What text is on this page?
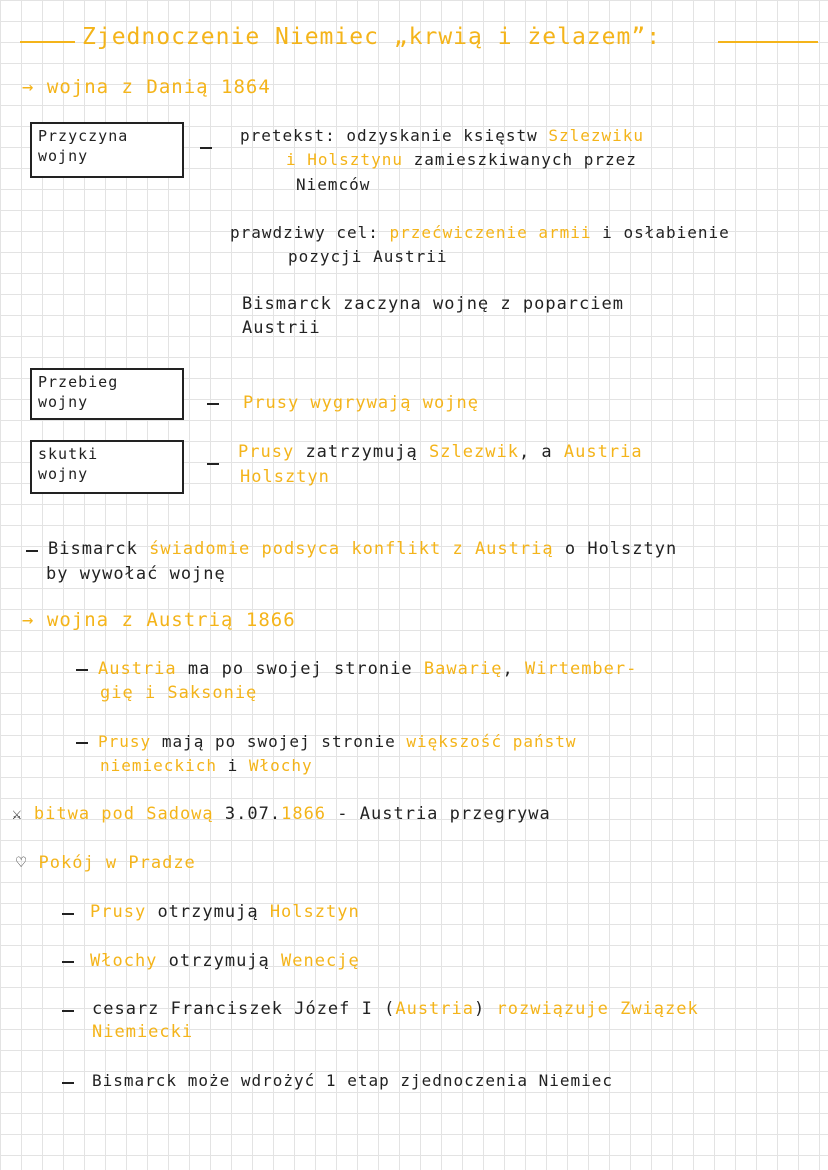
Zjednoczenie Niemiec „krwią i żelazem”:
→ wojna z Danią 1864
Przyczyna
wojny
pretekst: odzyskanie księstw Szlezwiku
i Holsztynu zamieszkiwanych przez
Niemców
prawdziwy cel: przećwiczenie armii i osłabienie
pozycji Austrii
Bismarck zaczyna wojnę z poparciem
Austrii
Przebieg
wojny	Prusy wygrywają wojnę
skutki
wojny
Prusy zatrzymują Szlezwik, a Austria
Holsztyn
Bismarck świadomie podsyca konflikt z Austrią o Holsztyn
by wywołać wojnę
→ wojna z Austrią 1866
Austria ma po swojej stronie Bawarię, Wirtember-
gię i Saksonię
Prusy mają po swojej stronie większość państw
niemieckich i Włochy
⚔ bitwa pod Sadową 3.07.1866 - Austria przegrywa
♡ Pokój w Pradze
Prusy otrzymują Holsztyn
Włochy otrzymują Wenecję
cesarz Franciszek Józef I (Austria) rozwiązuje Związek
Niemiecki
Bismarck może wdrożyć 1 etap zjednoczenia Niemiec
